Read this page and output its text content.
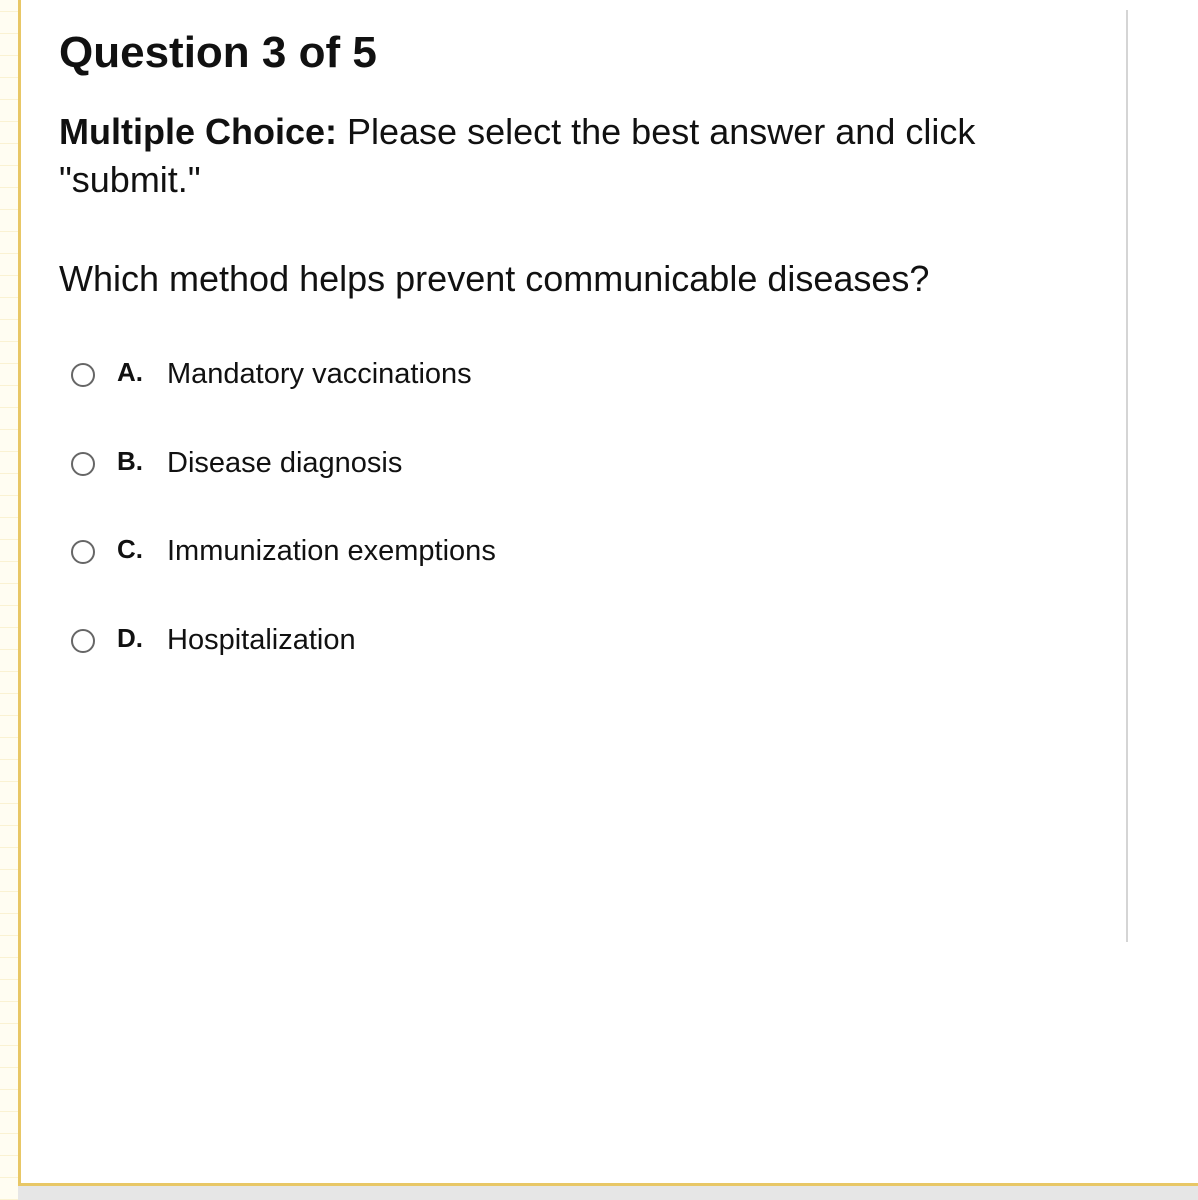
Question 3 of 5

Multiple Choice: Please select the best answer and click "submit."

Which method helps prevent communicable diseases?

A. Mandatory vaccinations
B. Disease diagnosis
C. Immunization exemptions
D. Hospitalization
